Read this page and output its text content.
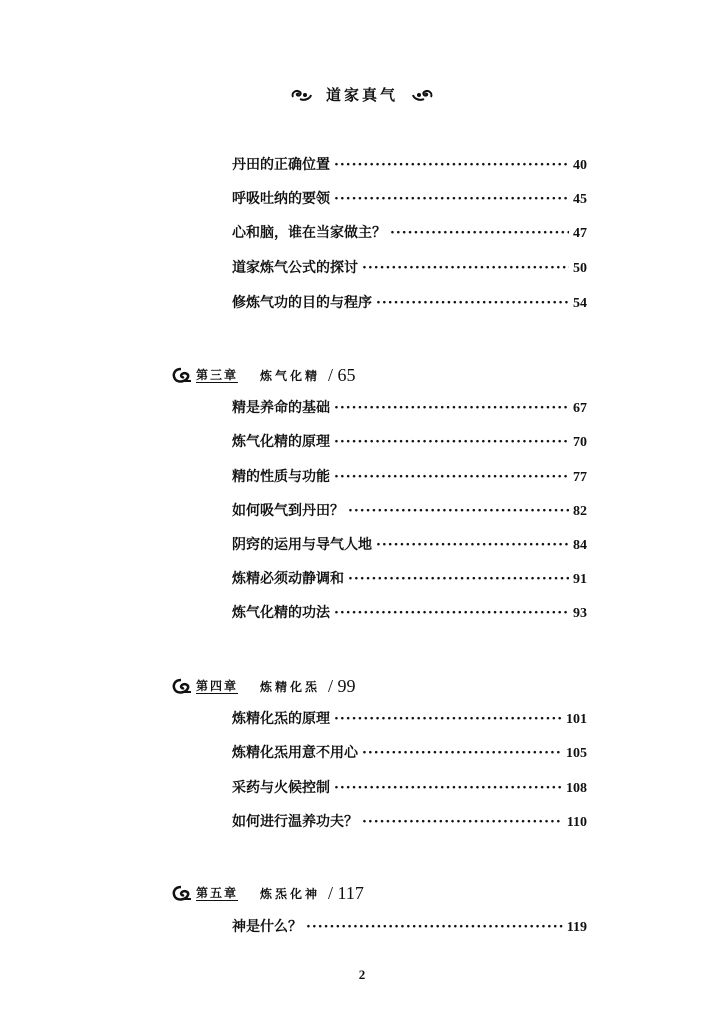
道家真气
丹田的正确位置 ·····	40
呼吸吐纳的要领 ·····	45
心和脑，谁在当家做主？ ·····	47
道家炼气公式的探讨 ·····	50
修炼气功的目的与程序 ·····	54
第三章 炼气化精 / 65
精是养命的基础 ·····	67
炼气化精的原理 ·····	70
精的性质与功能 ·····	77
如何吸气到丹田？ ·····	82
阴窍的运用与导气人地 ·····	84
炼精必须动静调和 ·····	91
炼气化精的功法 ·····	93
第四章 炼精化炁 / 99
炼精化炁的原理 ·····	101
炼精化炁用意不用心 ·····	105
采药与火候控制 ·····	108
如何进行温养功夫？ ·····	110
第五章 炼炁化神 / 117
神是什么？ ·····	119
2
